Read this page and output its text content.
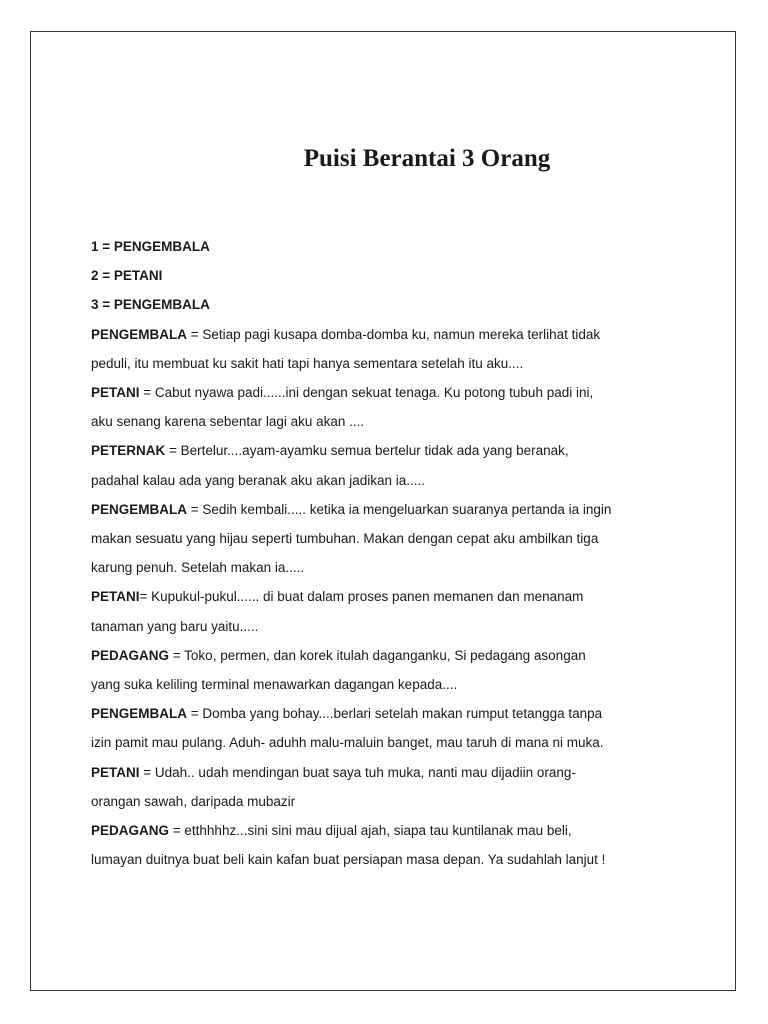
Puisi Berantai 3 Orang

1 = PENGEMBALA

2 = PETANI

3 = PENGEMBALA

PENGEMBALA = Setiap pagi kusapa domba-domba ku, namun mereka terlihat tidak
peduli, itu membuat ku sakit hati tapi hanya sementara setelah itu aku....

PETANI = Cabut nyawa padi......ini dengan sekuat tenaga. Ku potong tubuh padi ini,
aku senang karena sebentar lagi aku akan ....

PETERNAK = Bertelur....ayam-ayamku semua bertelur tidak ada yang beranak,
padahal kalau ada yang beranak aku akan jadikan ia.....

PENGEMBALA = Sedih kembali..... ketika ia mengeluarkan suaranya pertanda ia ingin
makan sesuatu yang hijau seperti tumbuhan. Makan dengan cepat aku ambilkan tiga
karung penuh. Setelah makan ia.....

PETANI= Kupukul-pukul...... di buat dalam proses panen memanen dan menanam
tanaman yang baru yaitu.....

PEDAGANG = Toko, permen, dan korek itulah daganganku, Si pedagang asongan
yang suka keliling terminal menawarkan dagangan kepada....

PENGEMBALA = Domba yang bohay....berlari setelah makan rumput tetangga tanpa
izin pamit mau pulang. Aduh- aduhh malu-maluin banget, mau taruh di mana ni muka.

PETANI = Udah.. udah mendingan buat saya tuh muka, nanti mau dijadiin orang-
orangan sawah, daripada mubazir

PEDAGANG = etthhhhz...sini sini mau dijual ajah, siapa tau kuntilanak mau beli,
lumayan duitnya buat beli kain kafan buat persiapan masa depan. Ya sudahlah lanjut !
